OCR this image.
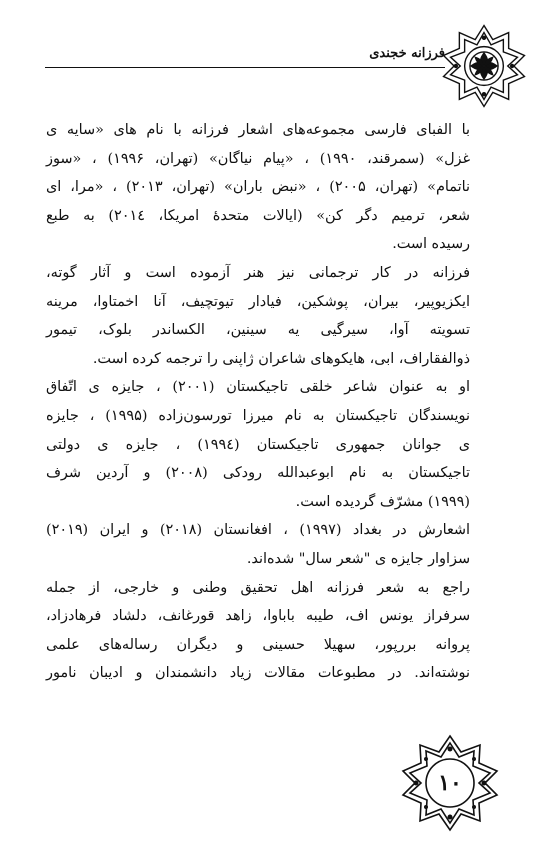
فرزانه خجندی
با الفبای فارسی مجموعه‌های اشعار فرزانه با نام های «سایه ی
غزل» (سمرقند، ۱۹۹۰) ، «پیام نیاگان» (تهران، ۱۹۹۶) ، «سوز
ناتمام» (تهران، ۲۰۰۵) ، «نبض باران» (تهران، ۲۰۱۳) ، «مرا، ای
شعر، ترمیم دگر کن» (ایالات متحدهٔ امریکا، ۲۰۱٤) به طبع
رسیده است.
فرزانه در کار ترجمانی نیز هنر آزموده است و آثار گوته،
ایکزیوپیر، بیران، پوشکین، فیادار تیوتچیف، آنا اخمتاوا، مرینه
تسویته آوا، سیرگیی یه سینین، الکساندر بلوک، تیمور
ذوالفقاراف، ابی، هایکوهای شاعران ژاپنی را ترجمه کرده است.
او به عنوان شاعر خلقی تاجیکستان (۲۰۰۱) ، جایزه ی اتّفاق
نویسندگان تاجیکستان به نام میرزا تورسون‌زاده (۱۹۹۵) ، جایزه
ی جوانان جمهوری تاجیکستان (۱۹۹٤) ، جایزه ی دولتی
تاجیکستان به نام ابوعبدالله رودکی (۲۰۰۸) و آردین شرف
(۱۹۹۹) مشرّف گردیده است.
اشعارش در بغداد (۱۹۹۷) ، افغانستان (۲۰۱۸) و ایران (۲۰۱۹)
سزاوار جایزه ی "شعر سال" شده‌اند.
راجع به شعر فرزانه اهل تحقیق وطنی و خارجی، از جمله
سرفراز یونس اف، طیبه باباوا، زاهد قورغانف، دلشاد فرهادزاد،
پروانه بررپور، سهیلا حسینی و دیگران رساله‌های علمی
نوشته‌اند. در مطبوعات مقالات زیاد دانشمندان و ادیبان نامور
۱۰
